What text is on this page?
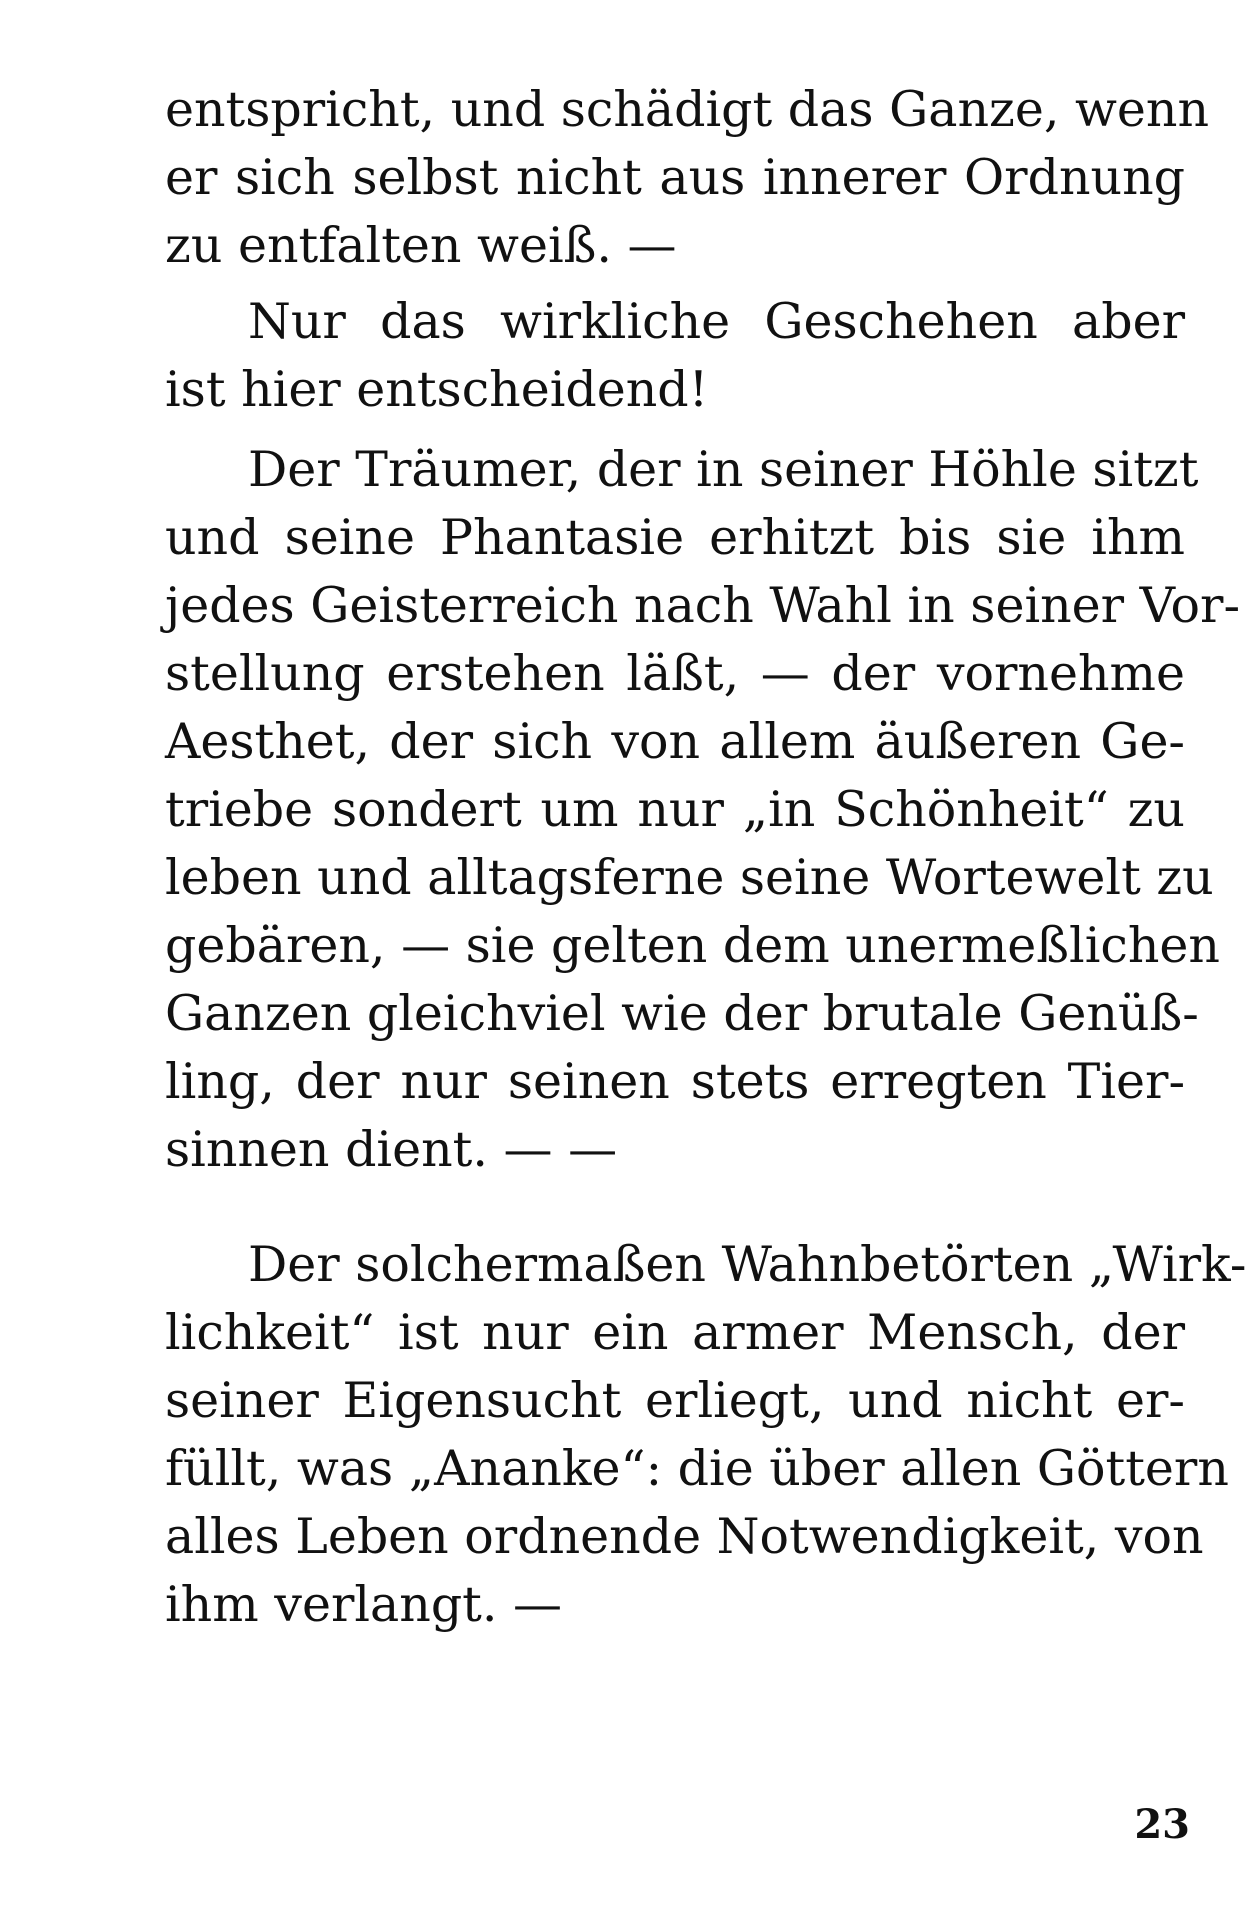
entspricht, und schädigt das Ganze, wenn
er sich selbst nicht aus innerer Ordnung
zu entfalten weiß. —
Nur das wirkliche Geschehen aber
ist hier entscheidend!
Der Träumer, der in seiner Höhle sitzt
und seine Phantasie erhitzt bis sie ihm
jedes Geisterreich nach Wahl in seiner Vor-
stellung erstehen läßt, — der vornehme
Aesthet, der sich von allem äußeren Ge-
triebe sondert um nur „in Schönheit“ zu
leben und alltagsferne seine Wortewelt zu
gebären, — sie gelten dem unermeßlichen
Ganzen gleichviel wie der brutale Genüß-
ling, der nur seinen stets erregten Tier-
sinnen dient. — —
Der solchermaßen Wahnbetörten „Wirk-
lichkeit“ ist nur ein armer Mensch, der
seiner Eigensucht erliegt, und nicht er-
füllt, was „Ananke“: die über allen Göttern
alles Leben ordnende Notwendigkeit, von
ihm verlangt. —
23
